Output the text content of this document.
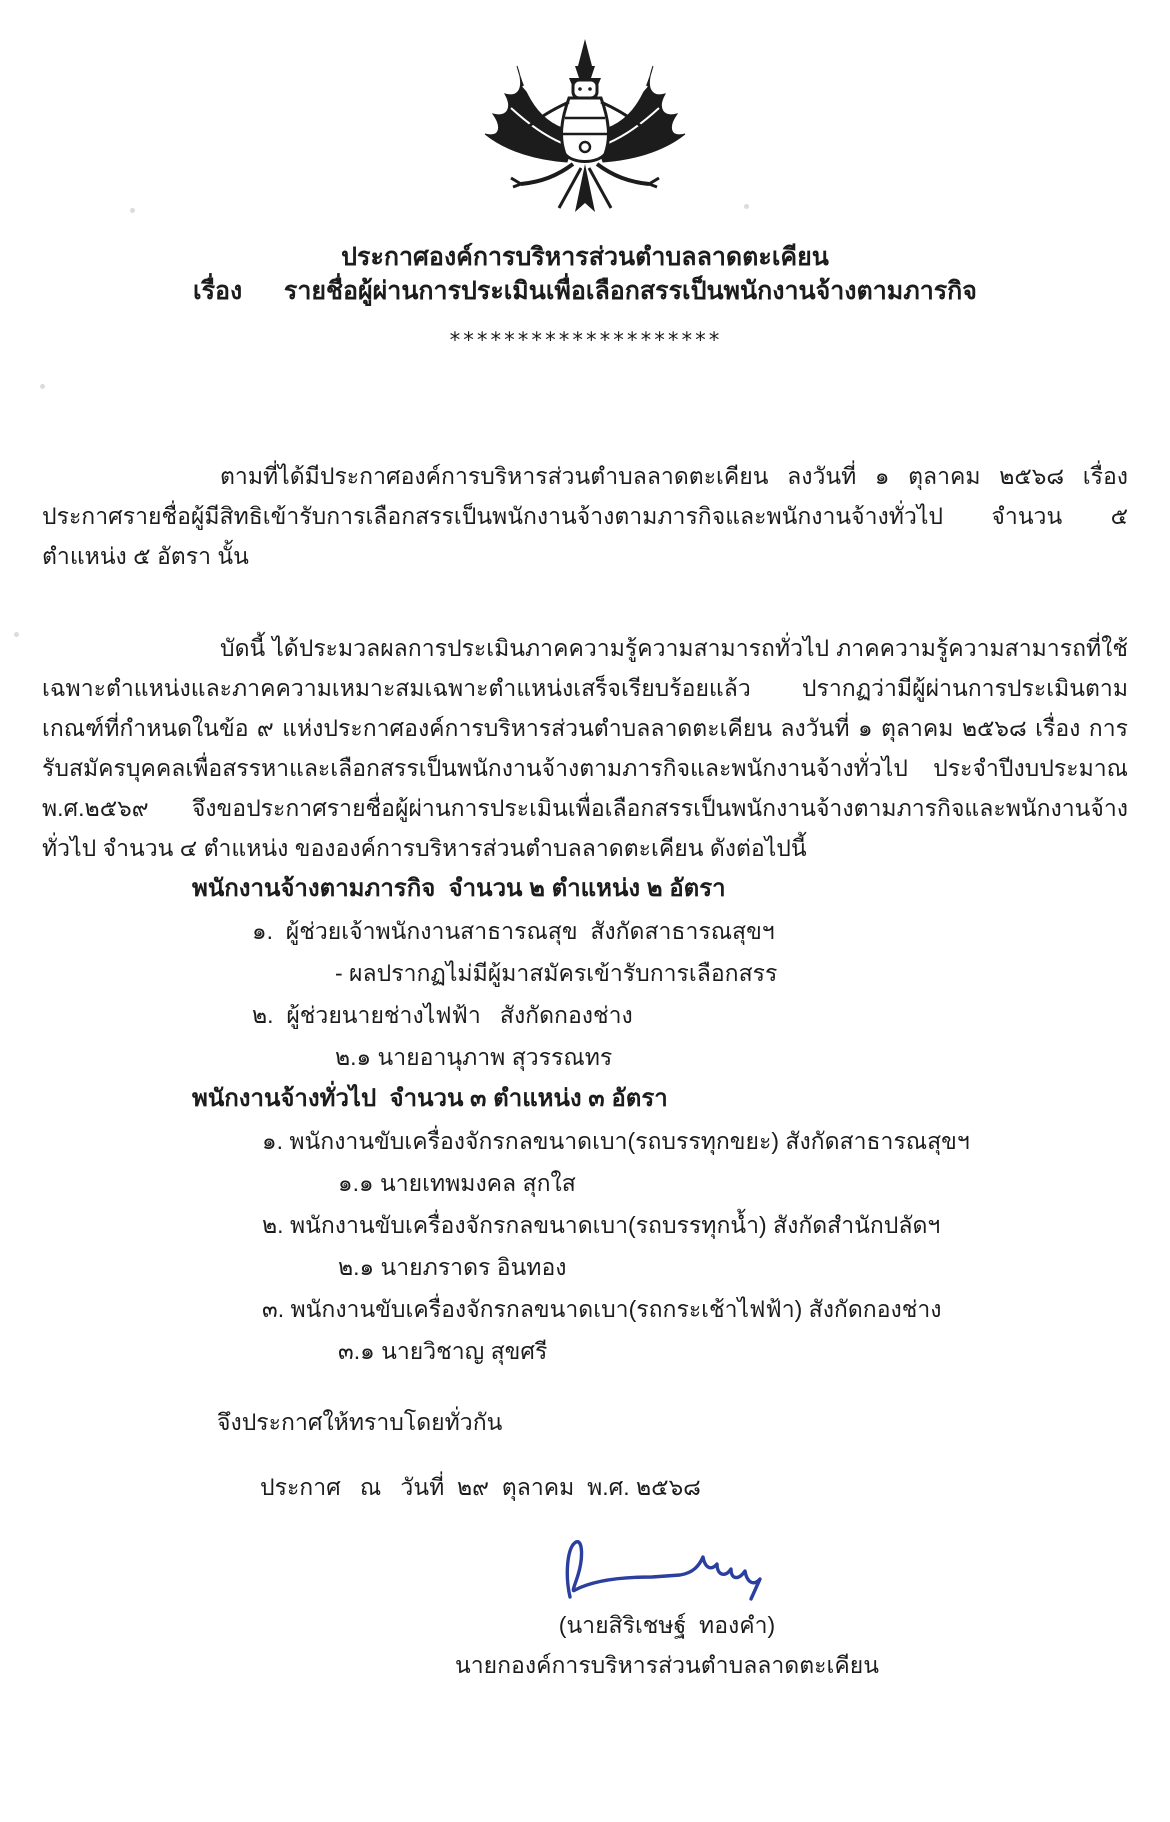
ประกาศองค์การบริหารส่วนตำบลลาดตะเคียน
เรื่อง      รายชื่อผู้ผ่านการประเมินเพื่อเลือกสรรเป็นพนักงานจ้างตามภารกิจ
********************

ตามที่ได้มีประกาศองค์การบริหารส่วนตำบลลาดตะเคียน ลงวันที่ ๑ ตุลาคม ๒๕๖๘ เรื่อง ประกาศรายชื่อผู้มีสิทธิเข้ารับการเลือกสรรเป็นพนักงานจ้างตามภารกิจและพนักงานจ้างทั่วไป จำนวน ๕ ตำแหน่ง ๕ อัตรา นั้น

บัดนี้ ได้ประมวลผลการประเมินภาคความรู้ความสามารถทั่วไป ภาคความรู้ความสามารถที่ใช้เฉพาะตำแหน่งและภาคความเหมาะสมเฉพาะตำแหน่งเสร็จเรียบร้อยแล้ว ปรากฏว่ามีผู้ผ่านการประเมินตามเกณฑ์ที่กำหนดในข้อ ๙ แห่งประกาศองค์การบริหารส่วนตำบลลาดตะเคียน ลงวันที่ ๑ ตุลาคม ๒๕๖๘ เรื่อง การรับสมัครบุคคลเพื่อสรรหาและเลือกสรรเป็นพนักงานจ้างตามภารกิจและพนักงานจ้างทั่วไป ประจำปีงบประมาณ พ.ศ.๒๕๖๙ จึงขอประกาศรายชื่อผู้ผ่านการประเมินเพื่อเลือกสรรเป็นพนักงานจ้างตามภารกิจและพนักงานจ้างทั่วไป จำนวน ๔ ตำแหน่ง ขององค์การบริหารส่วนตำบลลาดตะเคียน ดังต่อไปนี้

พนักงานจ้างตามภารกิจ  จำนวน ๒ ตำแหน่ง ๒ อัตรา
๑.  ผู้ช่วยเจ้าพนักงานสาธารณสุข  สังกัดสาธารณสุขฯ
- ผลปรากฏไม่มีผู้มาสมัครเข้ารับการเลือกสรร
๒.  ผู้ช่วยนายช่างไฟฟ้า   สังกัดกองช่าง
๒.๑ นายอานุภาพ สุวรรณทร
พนักงานจ้างทั่วไป  จำนวน ๓ ตำแหน่ง ๓ อัตรา
๑. พนักงานขับเครื่องจักรกลขนาดเบา(รถบรรทุกขยะ) สังกัดสาธารณสุขฯ
๑.๑ นายเทพมงคล สุกใส
๒. พนักงานขับเครื่องจักรกลขนาดเบา(รถบรรทุกน้ำ) สังกัดสำนักปลัดฯ
๒.๑ นายภราดร อินทอง
๓. พนักงานขับเครื่องจักรกลขนาดเบา(รถกระเช้าไฟฟ้า) สังกัดกองช่าง
๓.๑ นายวิชาญ สุขศรี
จึงประกาศให้ทราบโดยทั่วกัน
ประกาศ   ณ   วันที่  ๒๙  ตุลาคม  พ.ศ. ๒๕๖๘
(นายสิริเชษฐ์  ทองคำ)
นายกองค์การบริหารส่วนตำบลลาดตะเคียน
